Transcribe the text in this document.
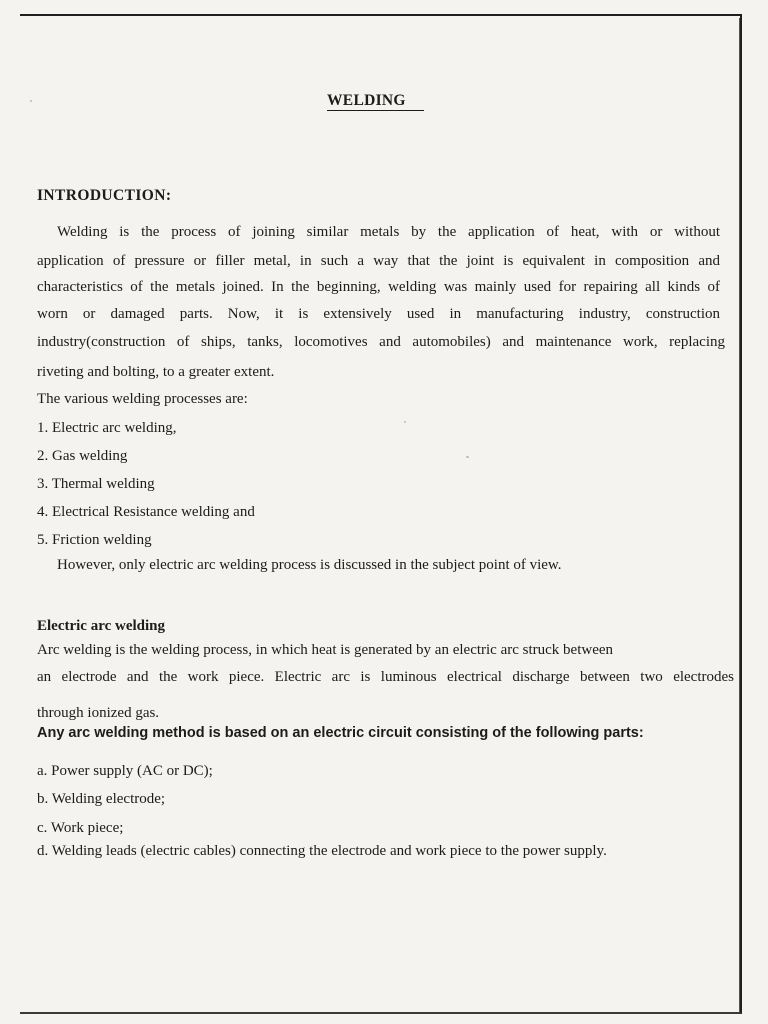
WELDING
INTRODUCTION:
Welding is the process of joining similar metals by the application of heat, with or without
application of pressure or filler metal, in such a way that the joint is equivalent in composition and
characteristics of the metals joined. In the beginning, welding was mainly used for repairing all kinds of
worn or damaged parts. Now, it is extensively used in manufacturing industry, construction
industry(construction of ships, tanks, locomotives and automobiles) and maintenance work, replacing
riveting and bolting, to a greater extent.
The various welding processes are:
1. Electric arc welding,
2. Gas welding
3. Thermal welding
4. Electrical Resistance welding and
5. Friction welding
However, only electric arc welding process is discussed in the subject point of view.
Electric arc welding
Arc welding is the welding process, in which heat is generated by an electric arc struck between
an electrode and the work piece. Electric arc is luminous electrical discharge between two electrodes
through ionized gas.
Any arc welding method is based on an electric circuit consisting of the following parts:
a. Power supply (AC or DC);
b. Welding electrode;
c. Work piece;
d. Welding leads (electric cables) connecting the electrode and work piece to the power supply.
